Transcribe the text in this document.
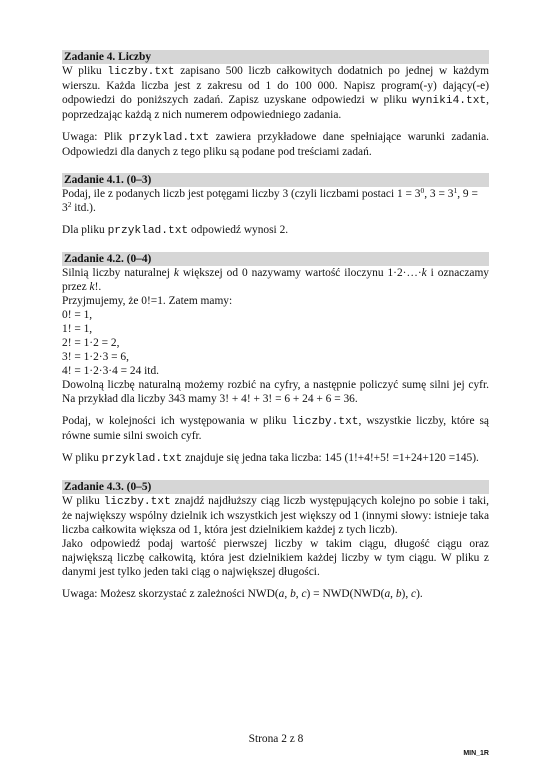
Zadanie 4. Liczby

W pliku liczby.txt zapisano 500 liczb całkowitych dodatnich po jednej w każdym wierszu. Każda liczba jest z zakresu od 1 do 100 000. Napisz program(-y) dający(-e) odpowiedzi do poniższych zadań. Zapisz uzyskane odpowiedzi w pliku wyniki4.txt, poprzedzając każdą z nich numerem odpowiedniego zadania.

Uwaga: Plik przyklad.txt zawiera przykładowe dane spełniające warunki zadania. Odpowiedzi dla danych z tego pliku są podane pod treściami zadań.

Zadanie 4.1. (0–3)

Podaj, ile z podanych liczb jest potęgami liczby 3 (czyli liczbami postaci $1 = 3^0$, $3 = 3^1$, $9 = 3^2$ itd.).

Dla pliku przyklad.txt odpowiedź wynosi 2.

Zadanie 4.2. (0–4)

Silnią liczby naturalnej k większej od 0 nazywamy wartość iloczynu 1·2·…·k i oznaczamy przez k!.

Przyjmujemy, że 0!=1. Zatem mamy:

0! = 1,

1! = 1,

2! = 1·2 = 2,

3! = 1·2·3 = 6,

4! = 1·2·3·4 = 24 itd.

Dowolną liczbę naturalną możemy rozbić na cyfry, a następnie policzyć sumę silni jej cyfr. Na przykład dla liczby 343 mamy 3! + 4! + 3! = 6 + 24 + 6 = 36.

Podaj, w kolejności ich występowania w pliku liczby.txt, wszystkie liczby, które są równe sumie silni swoich cyfr.

W pliku przyklad.txt znajduje się jedna taka liczba: 145 (1!+4!+5! =1+24+120 =145).

Zadanie 4.3. (0–5)

W pliku liczby.txt znajdź najdłuższy ciąg liczb występujących kolejno po sobie i taki, że największy wspólny dzielnik ich wszystkich jest większy od 1 (innymi słowy: istnieje taka liczba całkowita większa od 1, która jest dzielnikiem każdej z tych liczb).

Jako odpowiedź podaj wartość pierwszej liczby w takim ciągu, długość ciągu oraz największą liczbę całkowitą, która jest dzielnikiem każdej liczby w tym ciągu. W pliku z danymi jest tylko jeden taki ciąg o największej długości.

Uwaga: Możesz skorzystać z zależności NWD(a, b, c) = NWD(NWD(a, b), c).

Strona 2 z 8
MIN_1R
